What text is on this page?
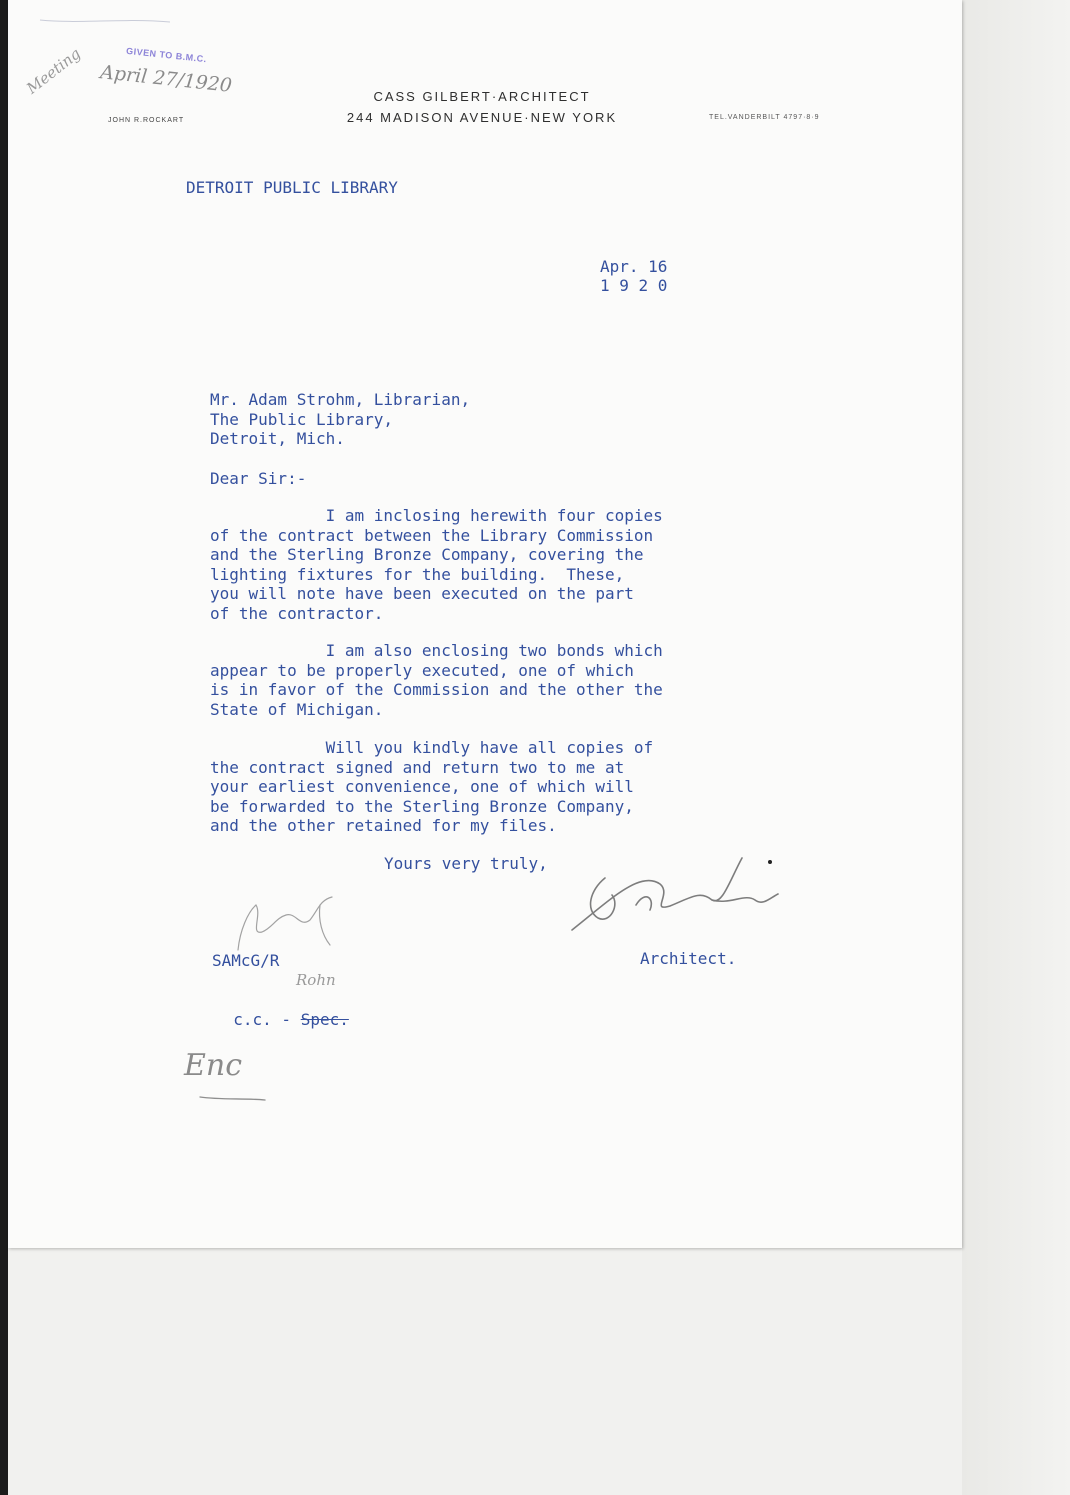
CASS GILBERT·ARCHITECT
244 MADISON AVENUE·NEW YORK
JOHN R.ROCKART	TEL.VANDERBILT 4797·8·9
GIVEN TO B.M.C.
April 27/1920
Meeting
DETROIT PUBLIC LIBRARY
Apr. 16
1 9 2 0
Mr. Adam Strohm, Librarian,
The Public Library,
Detroit, Mich.
Dear Sir:-
I am inclosing herewith four copies
of the contract between the Library Commission
and the Sterling Bronze Company, covering the
lighting fixtures for the building.  These,
you will note have been executed on the part
of the contractor.
I am also enclosing two bonds which
appear to be properly executed, one of which
is in favor of the Commission and the other the
State of Michigan.
Will you kindly have all copies of
the contract signed and return two to me at
your earliest convenience, one of which will
be forwarded to the Sterling Bronze Company,
and the other retained for my files.
Yours very truly,
Architect.
SAMcG/R
Rohn

c.c. - Spec.

Enc
